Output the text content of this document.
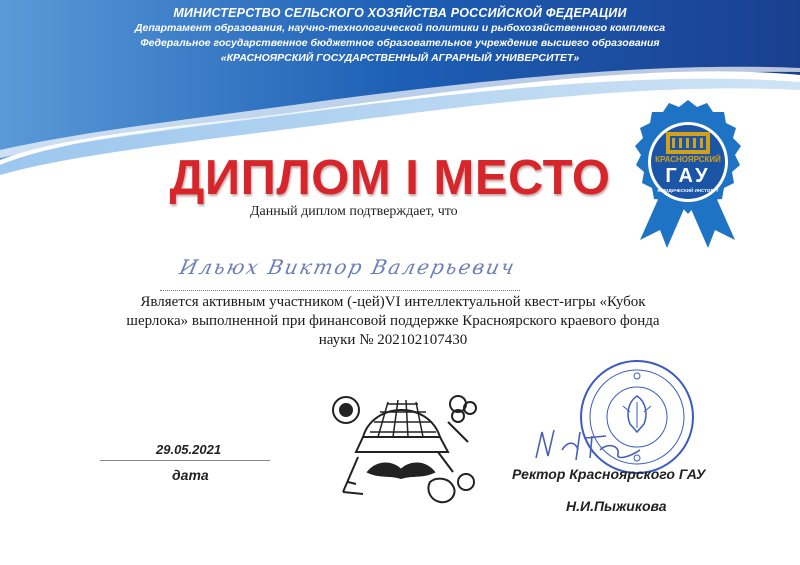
МИНИСТЕРСТВО СЕЛЬСКОГО ХОЗЯЙСТВА РОССИЙСКОЙ ФЕДЕРАЦИИ
Департамент образования, научно-технологической политики и рыбохозяйственного комплекса
Федеральное государственное бюджетное образовательное учреждение высшего образования
«КРАСНОЯРСКИЙ ГОСУДАРСТВЕННЫЙ АГРАРНЫЙ УНИВЕРСИТЕТ»
КРАСНОЯРСКИЙ
ГАУ
ЮРИДИЧЕСКИЙ ИНСТИТУТ
ДИПЛОМ I МЕСТО
Данный диплом подтверждает, что
Ильюх Виктор Валерьевич
Является активным участником (-цей)VI интеллектуальной квест-игры «Кубок шерлока» выполненной при финансовой поддержке Красноярского краевого фонда науки № 202102107430
29.05.2021
дата	Ректор Красноярского ГАУ
Н.И.Пыжикова
